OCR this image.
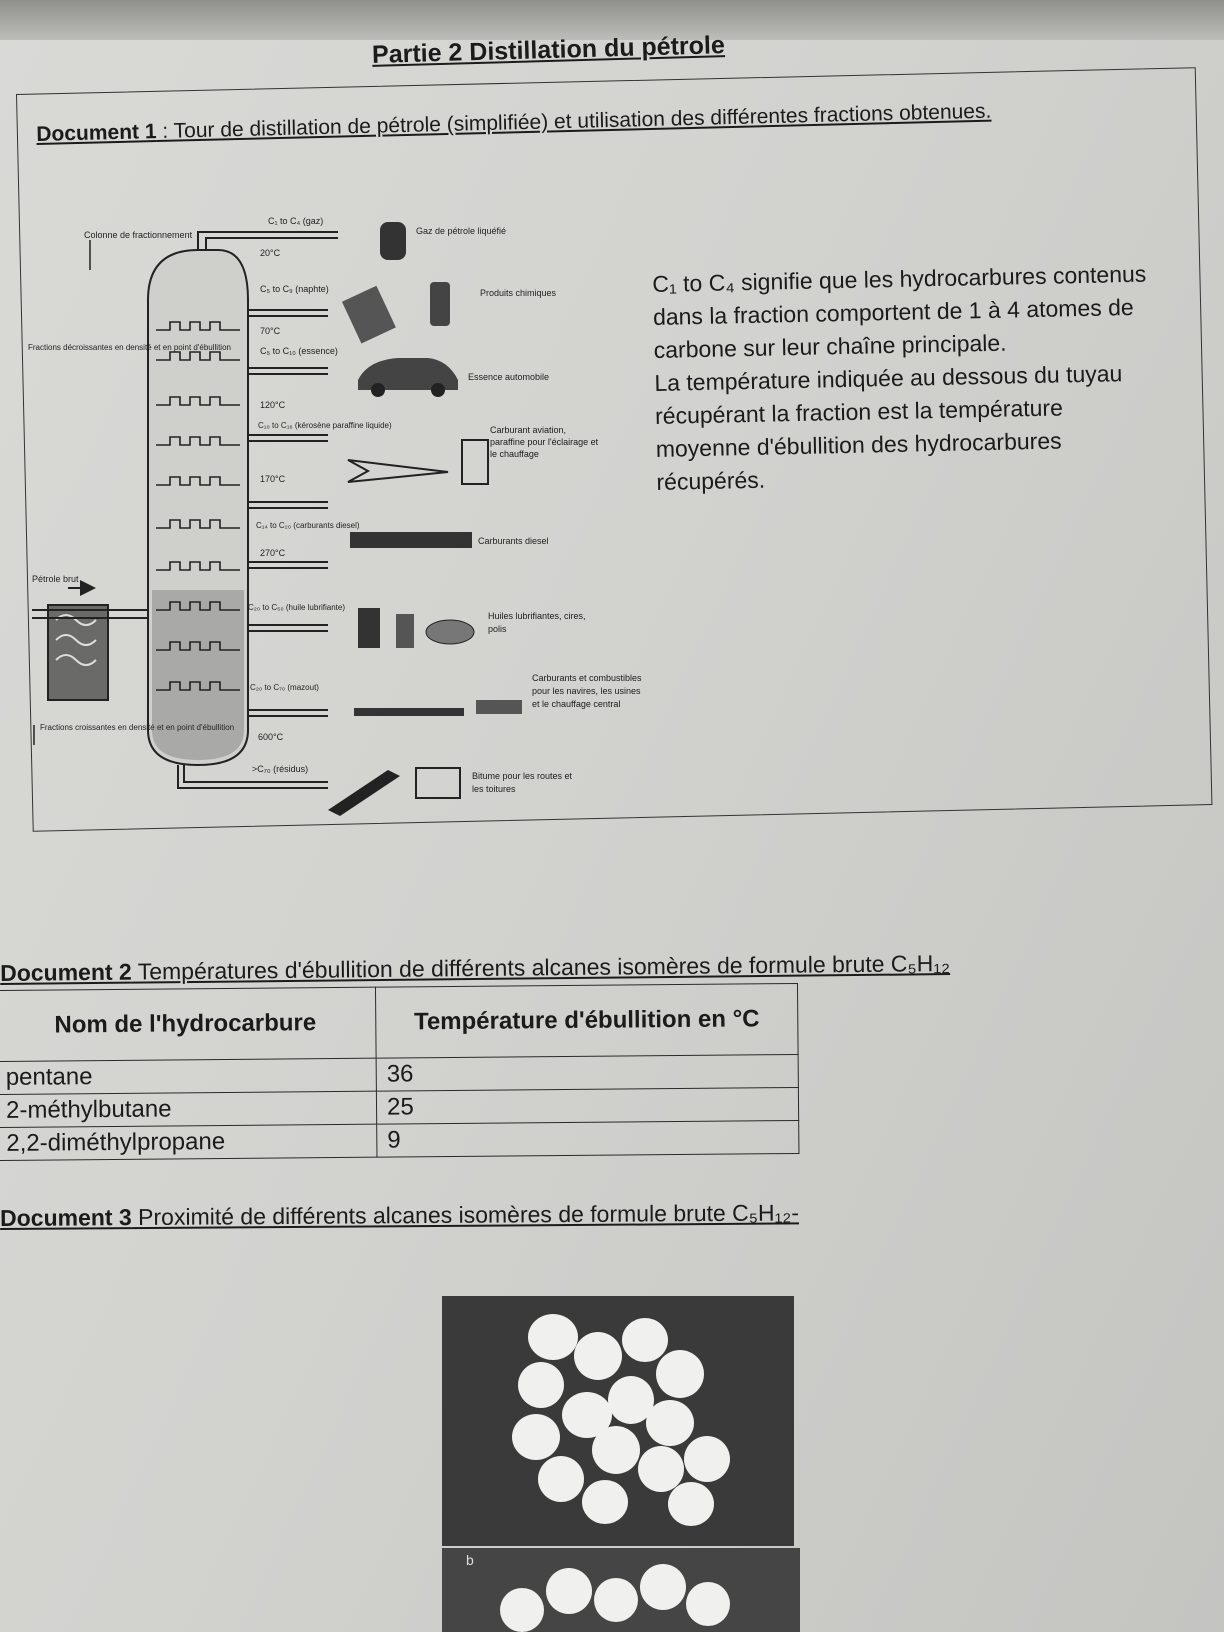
Partie 2 Distillation du pétrole
Document 1 : Tour de distillation de pétrole (simplifiée) et utilisation des différentes fractions obtenues.
Colonne de fractionnement
Fractions décroissantes en densité et en point d'ébullition
Pétrole brut
Fractions croissantes en densité et en point d'ébullition
C₁ to C₄ (gaz)
20°C
C₅ to C₉ (naphte)
70°C
C₅ to C₁₀ (essence)
120°C
C₁₀ to C₁₆ (kérosène paraffine liquide)
170°C
C₁₄ to C₂₀ (carburants diesel)
270°C
C₂₀ to C₅₀ (huile lubrifiante)
C₂₀ to C₇₀ (mazout)
600°C
>C₇₀ (résidus)
Gaz de pétrole liquéfié
Produits chimiques
Essence automobile
Carburant aviation, paraffine pour l'éclairage et le chauffage
Carburants diesel
Huiles lubrifiantes, cires, polis
Carburants et combustibles pour les navires, les usines et le chauffage central
Bitume pour les routes et les toitures

C₁ to C₄ signifie que les hydrocarbures contenus dans la fraction comportent de 1 à 4 atomes de carbone sur leur chaîne principale.

La température indiquée au dessous du tuyau récupérant la fraction est la température moyenne d'ébullition des hydrocarbures récupérés.

Document 2 Températures d'ébullition de différents alcanes isomères de formule brute C₅H₁₂
Nom de l'hydrocarbure	Température d'ébullition en °C
pentane	36
2-méthylbutane	25
2,2-diméthylpropane	9
Document 3 Proximité de différents alcanes isomères de formule brute C₅H₁₂-
b
